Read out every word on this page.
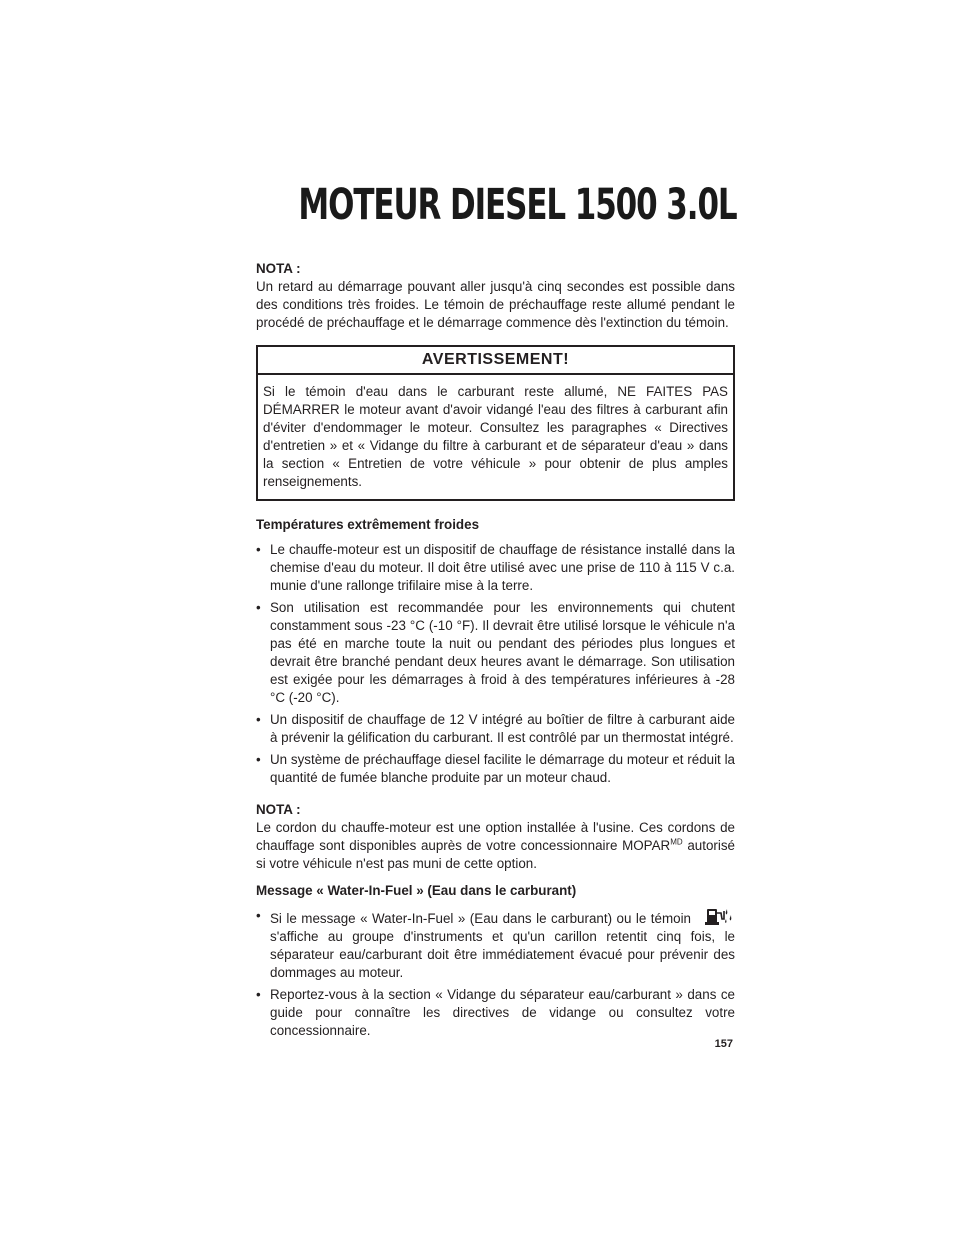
MOTEUR DIESEL 1500 3.0L
NOTA :

Un retard au démarrage pouvant aller jusqu'à cinq secondes est possible dans des conditions très froides. Le témoin de préchauffage reste allumé pendant le procédé de préchauffage et le démarrage commence dès l'extinction du témoin.

AVERTISSEMENT!
Si le témoin d'eau dans le carburant reste allumé, NE FAITES PAS DÉMARRER le moteur avant d'avoir vidangé l'eau des filtres à carburant afin d'éviter d'endommager le moteur. Consultez les paragraphes « Directives d'entretien » et « Vidange du filtre à carburant et de séparateur d'eau » dans la section « Entretien de votre véhicule » pour obtenir de plus amples renseignements.
Températures extrêmement froides
• Le chauffe-moteur est un dispositif de chauffage de résistance installé dans la chemise d'eau du moteur. Il doit être utilisé avec une prise de 110 à 115 V c.a. munie d'une rallonge trifilaire mise à la terre.
• Son utilisation est recommandée pour les environnements qui chutent constamment sous -23 °C (-10 °F). Il devrait être utilisé lorsque le véhicule n'a pas été en marche toute la nuit ou pendant des périodes plus longues et devrait être branché pendant deux heures avant le démarrage. Son utilisation est exigée pour les démarrages à froid à des températures inférieures à -28 °C (-20 °C).
• Un dispositif de chauffage de 12 V intégré au boîtier de filtre à carburant aide à prévenir la gélification du carburant. Il est contrôlé par un thermostat intégré.
• Un système de préchauffage diesel facilite le démarrage du moteur et réduit la quantité de fumée blanche produite par un moteur chaud.
NOTA :

Le cordon du chauffe-moteur est une option installée à l'usine. Ces cordons de chauffage sont disponibles auprès de votre concessionnaire $MOPAR^{MD}$ autorisé si votre véhicule n'est pas muni de cette option.

Message « Water-In-Fuel » (Eau dans le carburant)
• Si le message « Water-In-Fuel » (Eau dans le carburant) ou le témoin s'affiche au groupe d'instruments et qu'un carillon retentit cinq fois, le séparateur eau/carburant doit être immédiatement évacué pour prévenir des dommages au moteur.
• Reportez-vous à la section « Vidange du séparateur eau/carburant » dans ce guide pour connaître les directives de vidange ou consultez votre concessionnaire.
157
